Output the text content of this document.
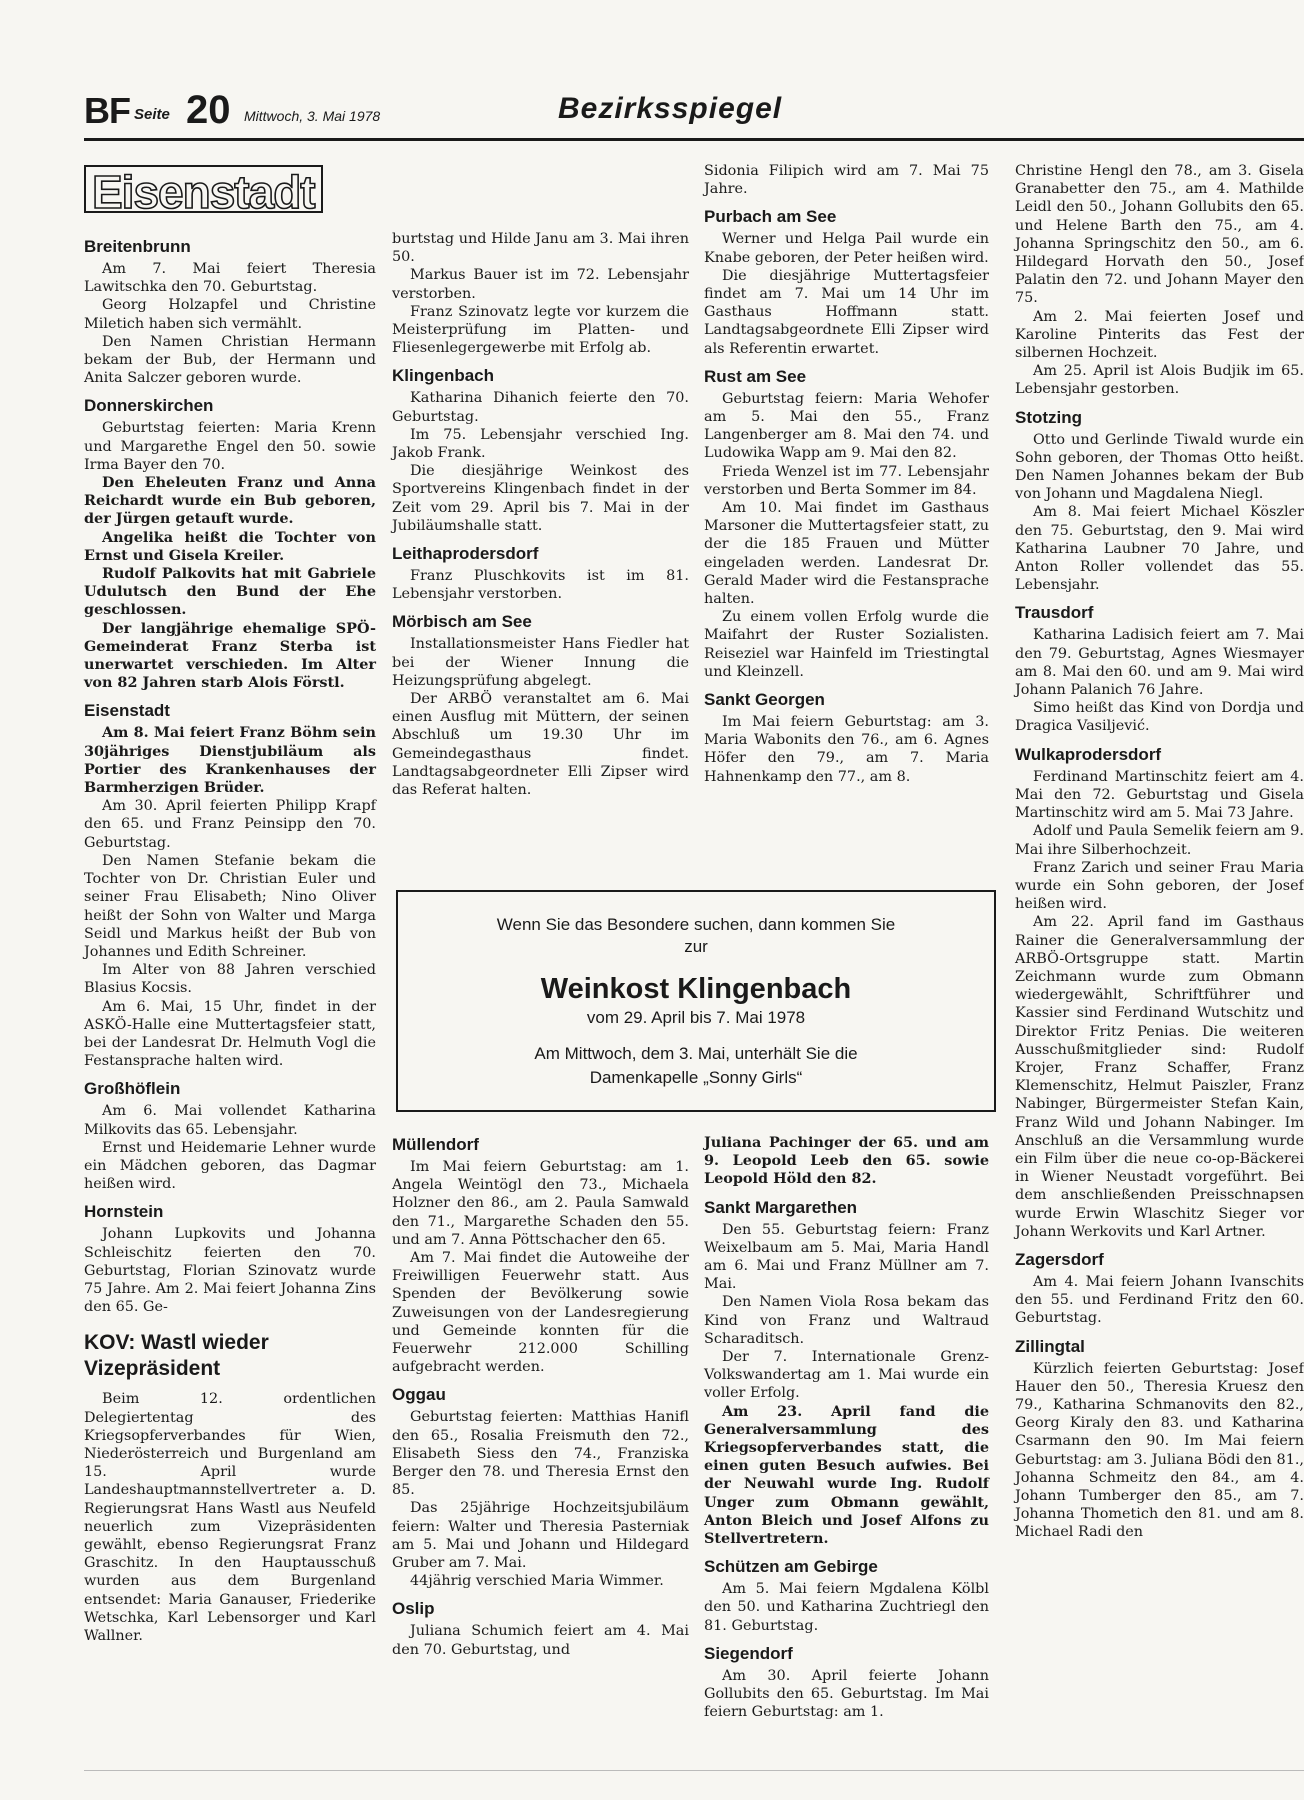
BF Seite 20 Mittwoch, 3. Mai 1978	Bezirksspiegel
Eisenstadt
Breitenbrunn

Am 7. Mai feiert Theresia Lawitschka den 70. Geburtstag.

Georg Holzapfel und Christine Miletich haben sich vermählt.

Den Namen Christian Hermann bekam der Bub, der Hermann und Anita Salczer geboren wurde.

Donnerskirchen

Geburtstag feierten: Maria Krenn und Margarethe Engel den 50. sowie Irma Bayer den 70.

Den Eheleuten Franz und Anna Reichardt wurde ein Bub geboren, der Jürgen getauft wurde.

Angelika heißt die Tochter von Ernst und Gisela Kreiler.

Rudolf Palkovits hat mit Gabriele Udulutsch den Bund der Ehe geschlossen.

Der langjährige ehemalige SPÖ-Gemeinderat Franz Sterba ist unerwartet verschieden. Im Alter von 82 Jahren starb Alois Förstl.

Eisenstadt

Am 8. Mai feiert Franz Böhm sein 30jähriges Dienstjubiläum als Portier des Krankenhauses der Barmherzigen Brüder.

Am 30. April feierten Philipp Krapf den 65. und Franz Peinsipp den 70. Geburtstag.

Den Namen Stefanie bekam die Tochter von Dr. Christian Euler und seiner Frau Elisabeth; Nino Oliver heißt der Sohn von Walter und Marga Seidl und Markus heißt der Bub von Johannes und Edith Schreiner.

Im Alter von 88 Jahren verschied Blasius Kocsis.

Am 6. Mai, 15 Uhr, findet in der ASKÖ-Halle eine Muttertagsfeier statt, bei der Landesrat Dr. Helmuth Vogl die Festansprache halten wird.

Großhöflein

Am 6. Mai vollendet Katharina Milkovits das 65. Lebensjahr.

Ernst und Heidemarie Lehner wurde ein Mädchen geboren, das Dagmar heißen wird.

Hornstein

Johann Lupkovits und Johanna Schleischitz feierten den 70. Geburtstag, Florian Szinovatz wurde 75 Jahre. Am 2. Mai feiert Johanna Zins den 65. Ge-

KOV: Wastl wieder Vizepräsident

Beim 12. ordentlichen Delegiertentag des Kriegsopferverbandes für Wien, Niederösterreich und Burgenland am 15. April wurde Landeshauptmannstellvertreter a. D. Regierungsrat Hans Wastl aus Neufeld neuerlich zum Vizepräsidenten gewählt, ebenso Regierungsrat Franz Graschitz. In den Hauptausschuß wurden aus dem Burgenland entsendet: Maria Ganauser, Friederike Wetschka, Karl Lebensorger und Karl Wallner.

burtstag und Hilde Janu am 3. Mai ihren 50.

Markus Bauer ist im 72. Lebensjahr verstorben.

Franz Szinovatz legte vor kurzem die Meisterprüfung im Platten- und Fliesenlegergewerbe mit Erfolg ab.

Klingenbach

Katharina Dihanich feierte den 70. Geburtstag.

Im 75. Lebensjahr verschied Ing. Jakob Frank.

Die diesjährige Weinkost des Sportvereins Klingenbach findet in der Zeit vom 29. April bis 7. Mai in der Jubiläumshalle statt.

Leithaprodersdorf

Franz Pluschkovits ist im 81. Lebensjahr verstorben.

Mörbisch am See

Installationsmeister Hans Fiedler hat bei der Wiener Innung die Heizungsprüfung abgelegt.

Der ARBÖ veranstaltet am 6. Mai einen Ausflug mit Müttern, der seinen Abschluß um 19.30 Uhr im Gemeindegasthaus findet. Landtagsabgeordneter Elli Zipser wird das Referat halten.

Sidonia Filipich wird am 7. Mai 75 Jahre.

Purbach am See

Werner und Helga Pail wurde ein Knabe geboren, der Peter heißen wird.

Die diesjährige Muttertagsfeier findet am 7. Mai um 14 Uhr im Gasthaus Hoffmann statt. Landtagsabgeordnete Elli Zipser wird als Referentin erwartet.

Rust am See

Geburtstag feiern: Maria Wehofer am 5. Mai den 55., Franz Langenberger am 8. Mai den 74. und Ludowika Wapp am 9. Mai den 82.

Frieda Wenzel ist im 77. Lebensjahr verstorben und Berta Sommer im 84.

Am 10. Mai findet im Gasthaus Marsoner die Muttertagsfeier statt, zu der die 185 Frauen und Mütter eingeladen werden. Landesrat Dr. Gerald Mader wird die Festansprache halten.

Zu einem vollen Erfolg wurde die Maifahrt der Ruster Sozialisten. Reiseziel war Hainfeld im Triestingtal und Kleinzell.

Sankt Georgen

Im Mai feiern Geburtstag: am 3. Maria Wabonits den 76., am 6. Agnes Höfer den 79., am 7. Maria Hahnenkamp den 77., am 8.

Wenn Sie das Besondere suchen, dann kommen Sie
zur
Weinkost Klingenbach
vom 29. April bis 7. Mai 1978
Am Mittwoch, dem 3. Mai, unterhält Sie die
Damenkapelle „Sonny Girls“
Müllendorf

Im Mai feiern Geburtstag: am 1. Angela Weintögl den 73., Michaela Holzner den 86., am 2. Paula Samwald den 71., Margarethe Schaden den 55. und am 7. Anna Pöttschacher den 65.

Am 7. Mai findet die Autoweihe der Freiwilligen Feuerwehr statt. Aus Spenden der Bevölkerung sowie Zuweisungen von der Landesregierung und Gemeinde konnten für die Feuerwehr 212.000 Schilling aufgebracht werden.

Oggau

Geburtstag feierten: Matthias Hanifl den 65., Rosalia Freismuth den 72., Elisabeth Siess den 74., Franziska Berger den 78. und Theresia Ernst den 85.

Das 25jährige Hochzeitsjubiläum feiern: Walter und Theresia Pasterniak am 5. Mai und Johann und Hildegard Gruber am 7. Mai.

44jährig verschied Maria Wimmer.

Oslip

Juliana Schumich feiert am 4. Mai den 70. Geburtstag, und

Juliana Pachinger der 65. und am 9. Leopold Leeb den 65. sowie Leopold Höld den 82.

Sankt Margarethen

Den 55. Geburtstag feiern: Franz Weixelbaum am 5. Mai, Maria Handl am 6. Mai und Franz Müllner am 7. Mai.

Den Namen Viola Rosa bekam das Kind von Franz und Waltraud Scharaditsch.

Der 7. Internationale Grenz-Volkswandertag am 1. Mai wurde ein voller Erfolg.

Am 23. April fand die Generalversammlung des Kriegsopferverbandes statt, die einen guten Besuch aufwies. Bei der Neuwahl wurde Ing. Rudolf Unger zum Obmann gewählt, Anton Bleich und Josef Alfons zu Stellvertretern.

Schützen am Gebirge

Am 5. Mai feiern Mgdalena Kölbl den 50. und Katharina Zuchtriegl den 81. Geburtstag.

Siegendorf

Am 30. April feierte Johann Gollubits den 65. Geburtstag. Im Mai feiern Geburtstag: am 1.

Christine Hengl den 78., am 3. Gisela Granabetter den 75., am 4. Mathilde Leidl den 50., Johann Gollubits den 65. und Helene Barth den 75., am 4. Johanna Springschitz den 50., am 6. Hildegard Horvath den 50., Josef Palatin den 72. und Johann Mayer den 75.

Am 2. Mai feierten Josef und Karoline Pinterits das Fest der silbernen Hochzeit.

Am 25. April ist Alois Budjik im 65. Lebensjahr gestorben.

Stotzing

Otto und Gerlinde Tiwald wurde ein Sohn geboren, der Thomas Otto heißt. Den Namen Johannes bekam der Bub von Johann und Magdalena Niegl.

Am 8. Mai feiert Michael Köszler den 75. Geburtstag, den 9. Mai wird Katharina Laubner 70 Jahre, und Anton Roller vollendet das 55. Lebensjahr.

Trausdorf

Katharina Ladisich feiert am 7. Mai den 79. Geburtstag, Agnes Wiesmayer am 8. Mai den 60. und am 9. Mai wird Johann Palanich 76 Jahre.

Simo heißt das Kind von Dordja und Dragica Vasiljević.

Wulkaprodersdorf

Ferdinand Martinschitz feiert am 4. Mai den 72. Geburtstag und Gisela Martinschitz wird am 5. Mai 73 Jahre.

Adolf und Paula Semelik feiern am 9. Mai ihre Silberhochzeit.

Franz Zarich und seiner Frau Maria wurde ein Sohn geboren, der Josef heißen wird.

Am 22. April fand im Gasthaus Rainer die Generalversammlung der ARBÖ-Ortsgruppe statt. Martin Zeichmann wurde zum Obmann wiedergewählt, Schriftführer und Kassier sind Ferdinand Wutschitz und Direktor Fritz Penias. Die weiteren Ausschußmitglieder sind: Rudolf Krojer, Franz Schaffer, Franz Klemenschitz, Helmut Paiszler, Franz Nabinger, Bürgermeister Stefan Kain, Franz Wild und Johann Nabinger. Im Anschluß an die Versammlung wurde ein Film über die neue co-op-Bäckerei in Wiener Neustadt vorgeführt. Bei dem anschließenden Preisschnapsen wurde Erwin Wlaschitz Sieger vor Johann Werkovits und Karl Artner.

Zagersdorf

Am 4. Mai feiern Johann Ivanschits den 55. und Ferdinand Fritz den 60. Geburtstag.

Zillingtal

Kürzlich feierten Geburtstag: Josef Hauer den 50., Theresia Kruesz den 79., Katharina Schmanovits den 82., Georg Kiraly den 83. und Katharina Csarmann den 90. Im Mai feiern Geburtstag: am 3. Juliana Bödi den 81., Johanna Schmeitz den 84., am 4. Johann Tumberger den 85., am 7. Johanna Thometich den 81. und am 8. Michael Radi den
